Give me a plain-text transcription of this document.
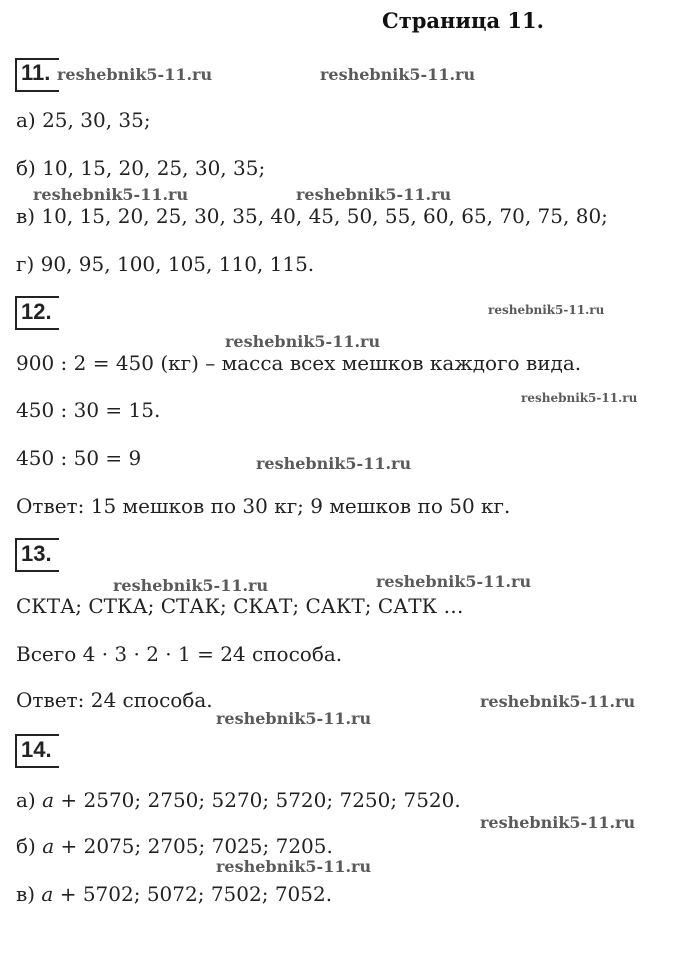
Страница 11.
11.
а) 25, 30, 35;
б) 10, 15, 20, 25, 30, 35;
в) 10, 15, 20, 25, 30, 35, 40, 45, 50, 55, 60, 65, 70, 75, 80;
г) 90, 95, 100, 105, 110, 115.
12.
900 : 2 = 450 (кг) – масса всех мешков каждого вида.
450 : 30 = 15.
450 : 50 = 9
Ответ: 15 мешков по 30 кг; 9 мешков по 50 кг.
13.
СКТА; СТКА; СТАК; СКАТ; САКТ; САТК …
Всего 4 · 3 · 2 · 1 = 24 способа.
Ответ: 24 способа.
14.
а) a + 2570; 2750; 5270; 5720; 7250; 7520.
б) a + 2075; 2705; 7025; 7205.
в) a + 5702; 5072; 7502; 7052.
reshebnik5-11.ru	reshebnik5-11.ru
reshebnik5-11.ru	reshebnik5-11.ru
reshebnik5-11.ru
reshebnik5-11.ru
reshebnik5-11.ru
reshebnik5-11.ru
reshebnik5-11.ru	reshebnik5-11.ru
reshebnik5-11.ru
reshebnik5-11.ru
reshebnik5-11.ru
reshebnik5-11.ru
